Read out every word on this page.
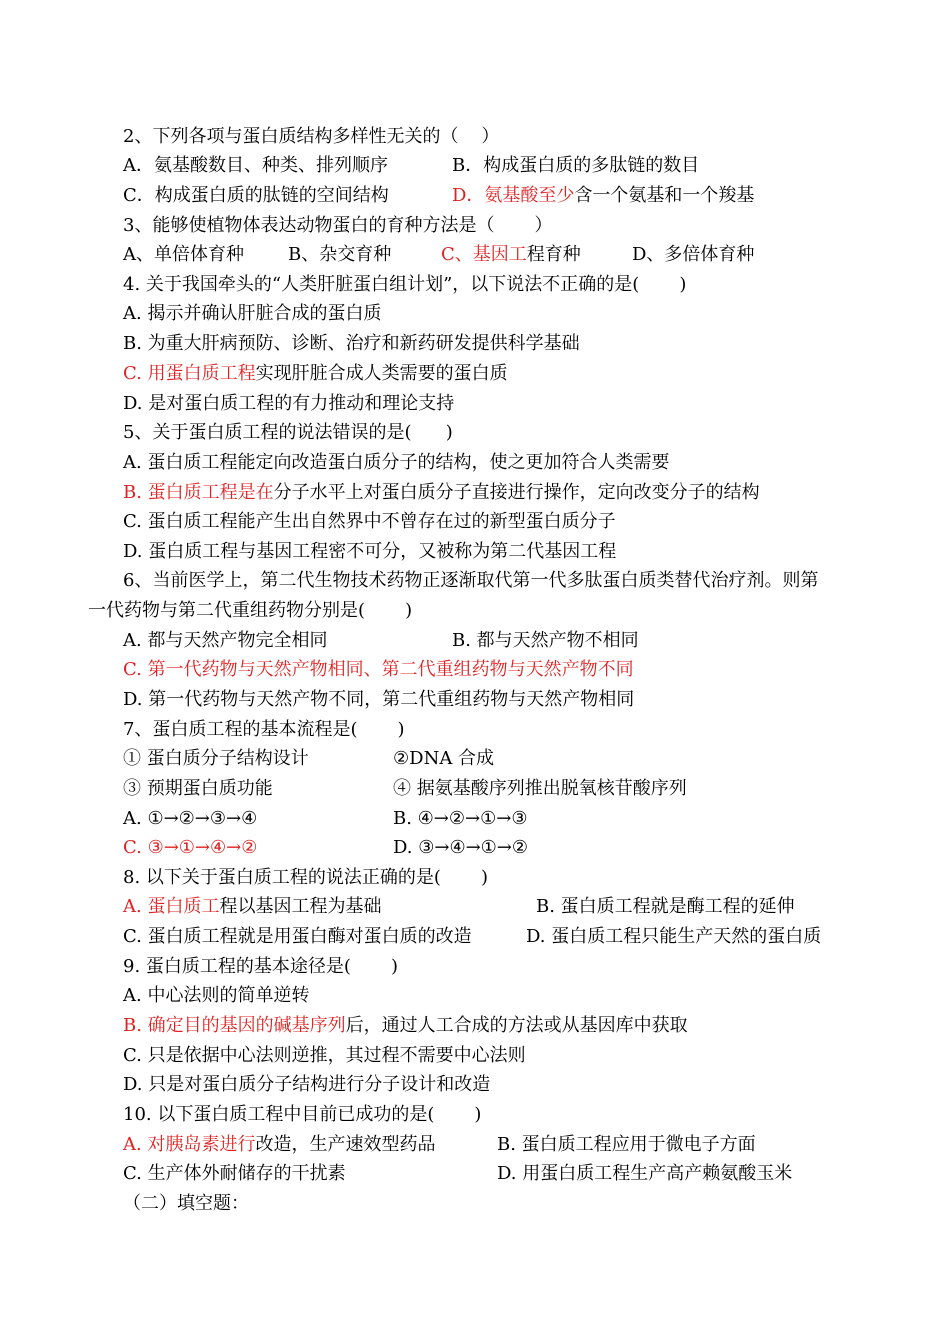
2、下列各项与蛋白质结构多样性无关的（    ）
A．氨基酸数目、种类、排列顺序	B．构成蛋白质的多肽链的数目
C．构成蛋白质的肽链的空间结构	D．氨基酸至少含一个氨基和一个羧基
3、能够使植物体表达动物蛋白的育种方法是（       ）
A、单倍体育种 B、杂交育种	C、基因工程育种	D、多倍体育种
4. 关于我国牵头的“人类肝脏蛋白组计划”，以下说法不正确的是(       )
A. 揭示并确认肝脏合成的蛋白质
B. 为重大肝病预防、诊断、治疗和新药研发提供科学基础
C. 用蛋白质工程实现肝脏合成人类需要的蛋白质
D. 是对蛋白质工程的有力推动和理论支持
5、关于蛋白质工程的说法错误的是(      )
A. 蛋白质工程能定向改造蛋白质分子的结构，使之更加符合人类需要
B. 蛋白质工程是在分子水平上对蛋白质分子直接进行操作，定向改变分子的结构
C. 蛋白质工程能产生出自然界中不曾存在过的新型蛋白质分子
D. 蛋白质工程与基因工程密不可分，又被称为第二代基因工程
6、当前医学上，第二代生物技术药物正逐渐取代第一代多肽蛋白质类替代治疗剂。则第
一代药物与第二代重组药物分别是(       )
A. 都与天然产物完全相同	B. 都与天然产物不相同
C. 第一代药物与天然产物相同、第二代重组药物与天然产物不同
D. 第一代药物与天然产物不同，第二代重组药物与天然产物相同
7、蛋白质工程的基本流程是(       )
① 蛋白质分子结构设计	②DNA 合成
③ 预期蛋白质功能	④ 据氨基酸序列推出脱氧核苷酸序列
A. ①→②→③→④	B. ④→②→①→③
C. ③→①→④→②	D. ③→④→①→②
8. 以下关于蛋白质工程的说法正确的是(       )
A. 蛋白质工程以基因工程为基础	B. 蛋白质工程就是酶工程的延伸
C. 蛋白质工程就是用蛋白酶对蛋白质的改造	D. 蛋白质工程只能生产天然的蛋白质
9. 蛋白质工程的基本途径是(       )
A. 中心法则的简单逆转
B. 确定目的基因的碱基序列后，通过人工合成的方法或从基因库中获取
C. 只是依据中心法则逆推，其过程不需要中心法则
D. 只是对蛋白质分子结构进行分子设计和改造
10. 以下蛋白质工程中目前已成功的是(       )
A. 对胰岛素进行改造，生产速效型药品	B. 蛋白质工程应用于微电子方面
C. 生产体外耐储存的干扰素	D. 用蛋白质工程生产高产赖氨酸玉米
（二）填空题：
